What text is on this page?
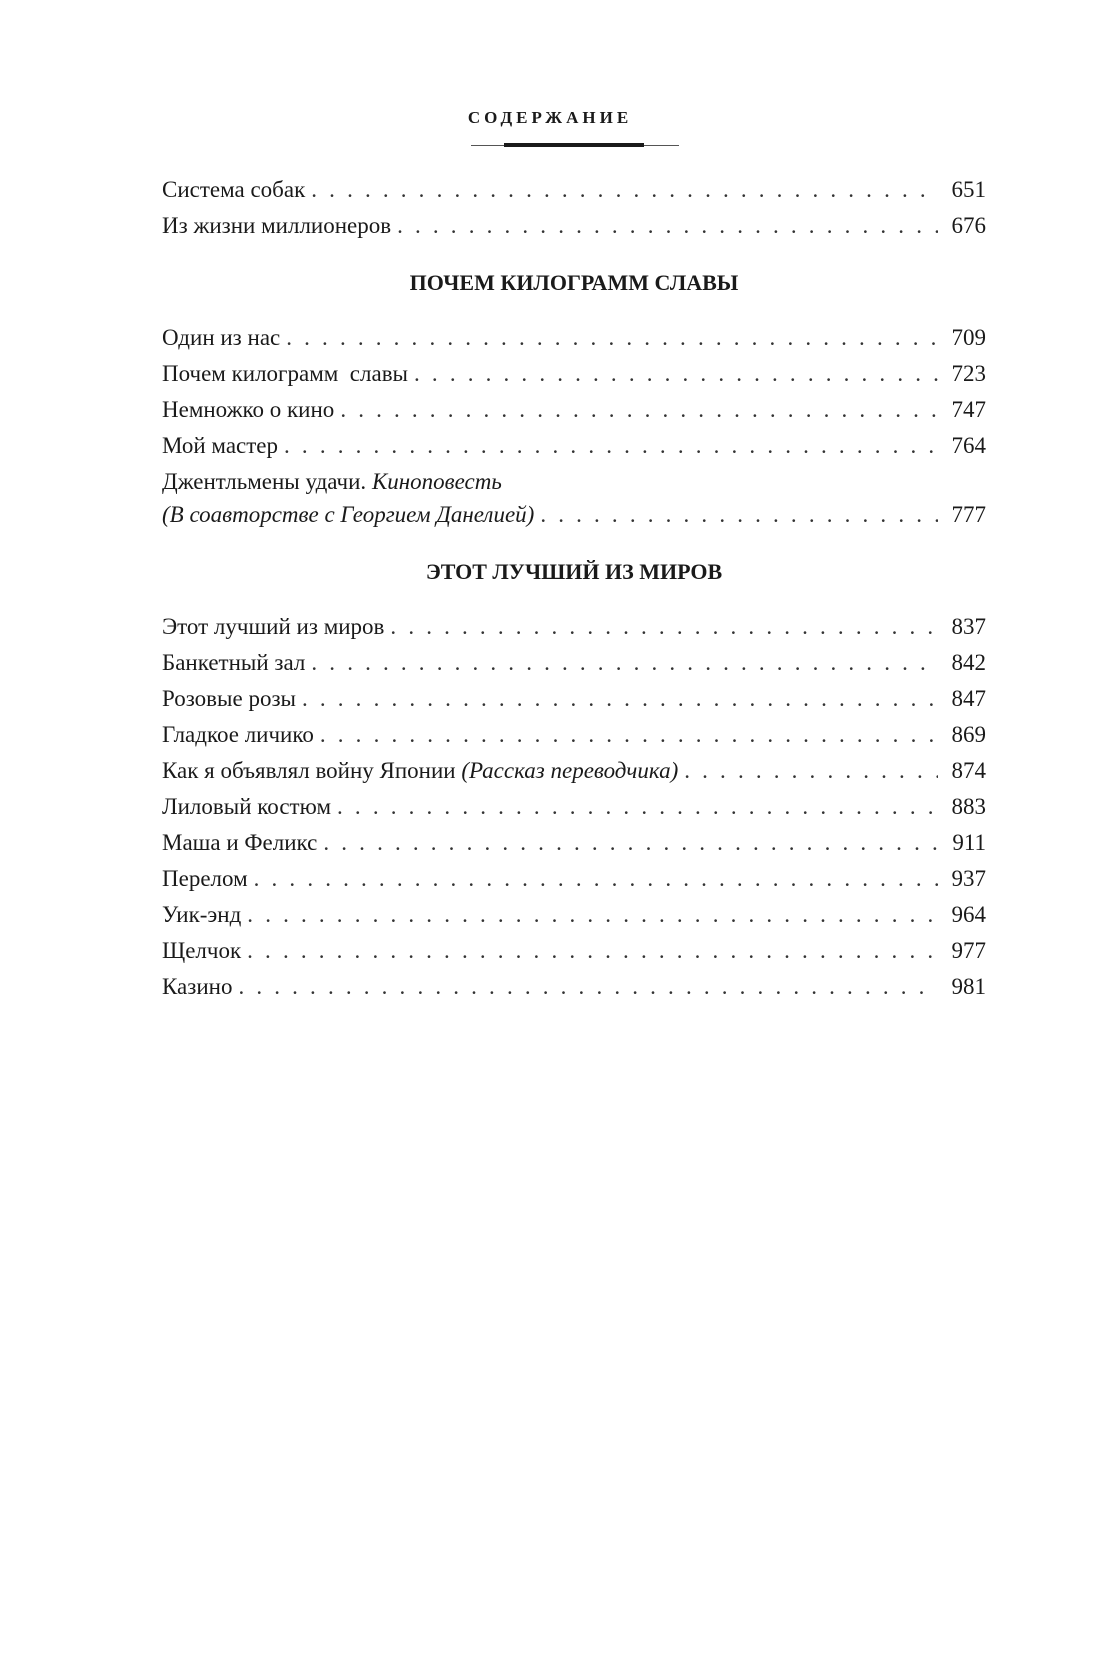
СОДЕРЖАНИЕ
Система собак . . .	651
Из жизни миллионеров . . .	676
ПОЧЕМ КИЛОГРАММ СЛАВЫ
Один из нас . . .	709
Почем килограмм  славы . . .	723
Немножко о кино . . .	747
Мой мастер . . .	764
Джентльмены удачи. Киноповесть
(В соавторстве с Георгием Данелией) . . .	777
ЭТОТ ЛУЧШИЙ ИЗ МИРОВ
Этот лучший из миров . . .	837
Банкетный зал . . .	842
Розовые розы . . .	847
Гладкое личико . . .	869
Как я объявлял войну Японии (Рассказ переводчика) . . .	874
Лиловый костюм . . .	883
Маша и Феликс . . .	911
Перелом . . .	937
Уик-энд . . .	964
Щелчок . . .	977
Казино . . .	981
